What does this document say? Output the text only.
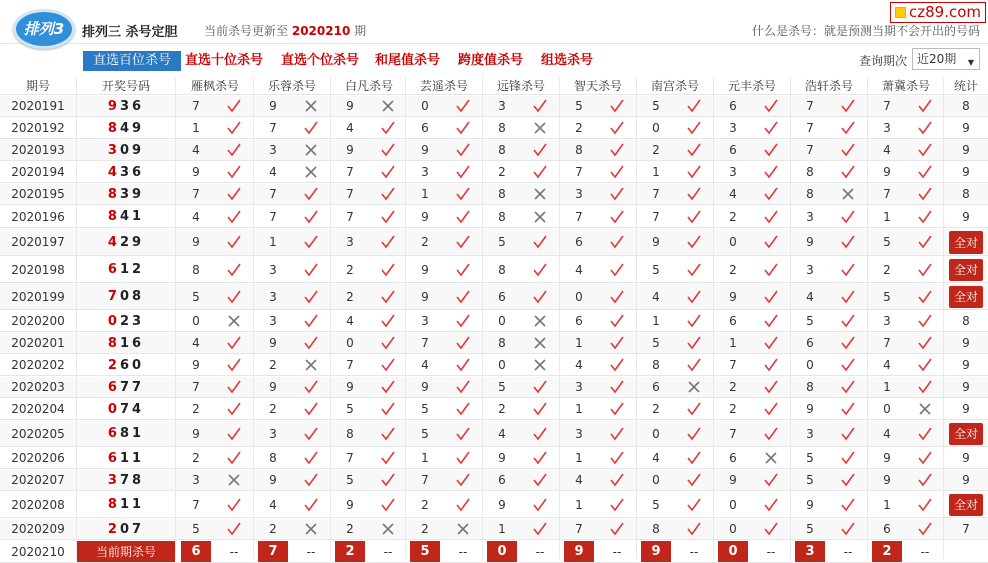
排列3	排列三 杀号定胆 当前杀号更新至 2020210 期
cz89.com
什么是杀号：就是预测当期不会开出的号码
直选百位杀号	直选十位杀号 直选个位杀号 和尾值杀号 跨度值杀号 组选杀号	查询期次 近20期 ▼
期号	开奖号码	雁枫杀号	乐蓉杀号	白凡杀号	芸遥杀号	远锋杀号	智天杀号	南宫杀号	元丰杀号	浩轩杀号	萧冀杀号	统计
2020191	9 36	7	9	9	0	3	5	5	6	7	7	8
2020192	8 49	1	7	4	6	8	2	0	3	7	3	9
2020193	3 09	4	3	9	9	8	8	2	6	7	4	9
2020194	4 36	9	4	7	3	2	7	1	3	8	9	9
2020195	8 39	7	7	7	1	8	3	7	4	8	7	8
2020196	8 41	4	7	7	9	8	7	7	2	3	1	9
2020197	4 29	9	1	3	2	5	6	9	0	9	5	全对
2020198	6 12	8	3	2	9	8	4	5	2	3	2	全对
2020199	7 08	5	3	2	9	6	0	4	9	4	5	全对
2020200	0 23	0	3	4	3	0	6	1	6	5	3	8
2020201	8 16	4	9	0	7	8	1	5	1	6	7	9
2020202	2 60	9	2	7	4	0	4	8	7	0	4	9
2020203	6 77	7	9	9	9	5	3	6	2	8	1	9
2020204	0 74	2	2	5	5	2	1	2	2	9	0	9
2020205	6 81	9	3	8	5	4	3	0	7	3	4	全对
2020206	6 11	2	8	7	1	9	1	4	6	5	9	9
2020207	3 78	3	9	5	7	6	4	0	9	5	9	9
2020208	8 11	7	4	9	2	9	1	5	0	9	1	全对
2020209	2 07	5	2	2	2	1	7	8	0	5	6	7
2020210	当前期杀号	6	--	7	--	2	--	5	--	0	--	9	--	9	--	0	--	3	--	2	--
